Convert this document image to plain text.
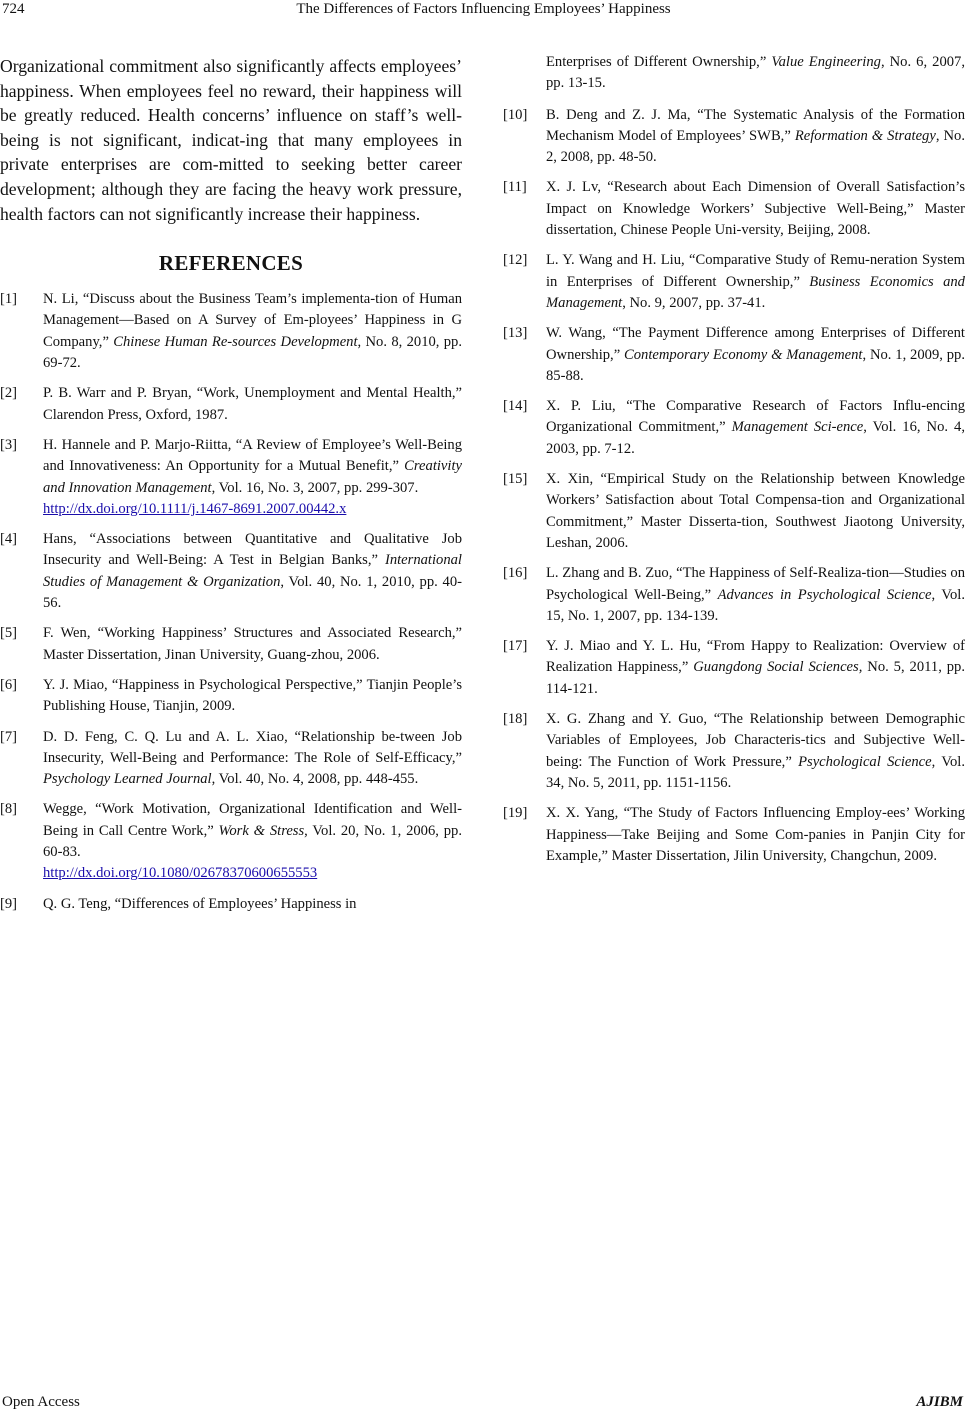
724	The Differences of Factors Influencing Employees’ Happiness

Organizational commitment also significantly affects employees’ happiness. When employees feel no reward, their happiness will be greatly reduced. Health concerns’ influence on staff’s well-being is not significant, indicat-ing that many employees in private enterprises are com-mitted to seeking better career development; although they are facing the heavy work pressure, health factors can not significantly increase their happiness.

REFERENCES
[1] N. Li, “Discuss about the Business Team’s implementa-tion of Human Management—Based on A Survey of Em-ployees’ Happiness in G Company,” Chinese Human Re-sources Development, No. 8, 2010, pp. 69-72.
[2] P. B. Warr and P. Bryan, “Work, Unemployment and Mental Health,” Clarendon Press, Oxford, 1987.
[3] H. Hannele and P. Marjo-Riitta, “A Review of Employee’s Well-Being and Innovativeness: An Opportunity for a Mutual Benefit,” Creativity and Innovation Management, Vol. 16, No. 3, 2007, pp. 299-307.
http://dx.doi.org/10.1111/j.1467-8691.2007.00442.x
[4] Hans, “Associations between Quantitative and Qualitative Job Insecurity and Well-Being: A Test in Belgian Banks,” International Studies of Management & Organization, Vol. 40, No. 1, 2010, pp. 40-56.
[5] F. Wen, “Working Happiness’ Structures and Associated Research,” Master Dissertation, Jinan University, Guang-zhou, 2006.
[6] Y. J. Miao, “Happiness in Psychological Perspective,” Tianjin People’s Publishing House, Tianjin, 2009.
[7] D. D. Feng, C. Q. Lu and A. L. Xiao, “Relationship be-tween Job Insecurity, Well-Being and Performance: The Role of Self-Efficacy,” Psychology Learned Journal, Vol. 40, No. 4, 2008, pp. 448-455.
[8] Wegge, “Work Motivation, Organizational Identification and Well-Being in Call Centre Work,” Work & Stress, Vol. 20, No. 1, 2006, pp. 60-83.
http://dx.doi.org/10.1080/02678370600655553
[9] Q. G. Teng, “Differences of Employees’ Happiness in
Enterprises of Different Ownership,” Value Engineering, No. 6, 2007, pp. 13-15.
[10] B. Deng and Z. J. Ma, “The Systematic Analysis of the Formation Mechanism Model of Employees’ SWB,” Reformation & Strategy, No. 2, 2008, pp. 48-50.
[11] X. J. Lv, “Research about Each Dimension of Overall Satisfaction’s Impact on Knowledge Workers’ Subjective Well-Being,” Master dissertation, Chinese People Uni-versity, Beijing, 2008.
[12] L. Y. Wang and H. Liu, “Comparative Study of Remu-neration System in Enterprises of Different Ownership,” Business Economics and Management, No. 9, 2007, pp. 37-41.
[13] W. Wang, “The Payment Difference among Enterprises of Different Ownership,” Contemporary Economy & Management, No. 1, 2009, pp. 85-88.
[14] X. P. Liu, “The Comparative Research of Factors Influ-encing Organizational Commitment,” Management Sci-ence, Vol. 16, No. 4, 2003, pp. 7-12.
[15] X. Xin, “Empirical Study on the Relationship between Knowledge Workers’ Satisfaction about Total Compensa-tion and Organizational Commitment,” Master Disserta-tion, Southwest Jiaotong University, Leshan, 2006.
[16] L. Zhang and B. Zuo, “The Happiness of Self-Realiza-tion—Studies on Psychological Well-Being,” Advances in Psychological Science, Vol. 15, No. 1, 2007, pp. 134-139.
[17] Y. J. Miao and Y. L. Hu, “From Happy to Realization: Overview of Realization Happiness,” Guangdong Social Sciences, No. 5, 2011, pp. 114-121.
[18] X. G. Zhang and Y. Guo, “The Relationship between Demographic Variables of Employees, Job Characteris-tics and Subjective Well-being: The Function of Work Pressure,” Psychological Science, Vol. 34, No. 5, 2011, pp. 1151-1156.
[19] X. X. Yang, “The Study of Factors Influencing Employ-ees’ Working Happiness—Take Beijing and Some Com-panies in Panjin City for Example,” Master Dissertation, Jilin University, Changchun, 2009.
Open Access	AJIBM
